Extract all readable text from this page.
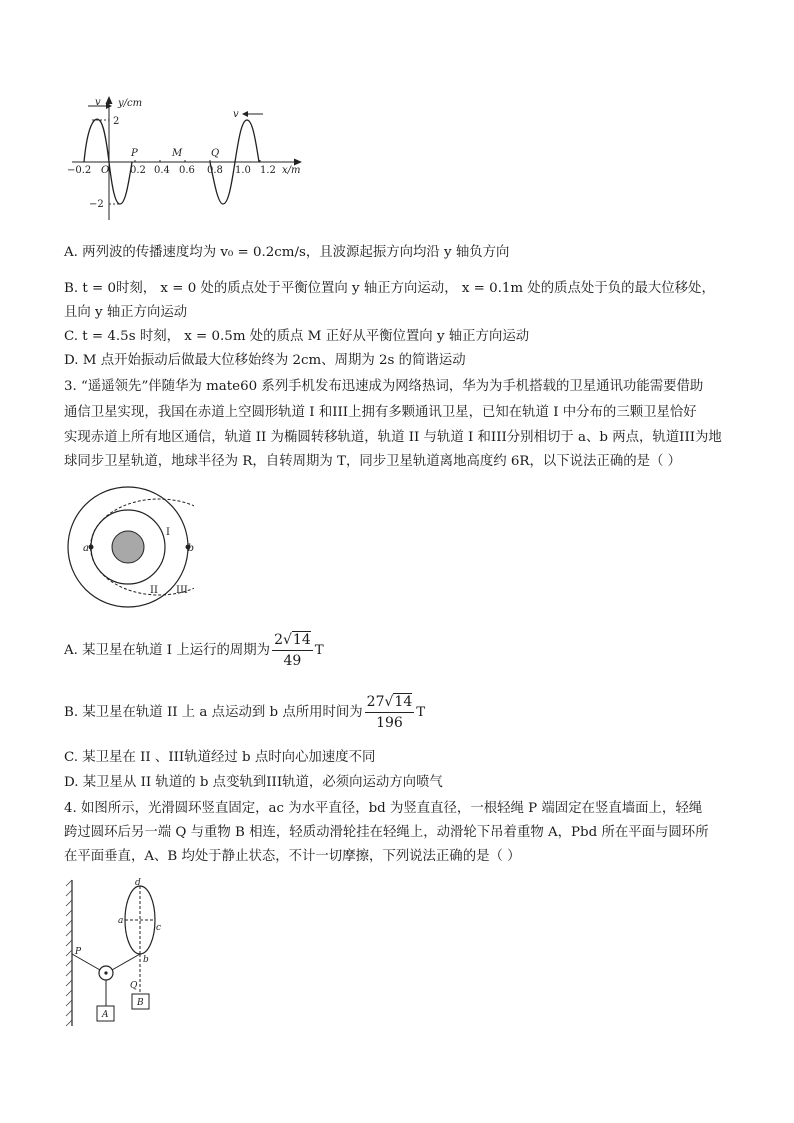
y/cm
2
−2
x/m
−0.2 O 0.2 0.4 0.6 0.8 1.0 1.2
P	M	Q
v
v
A. 两列波的传播速度均为 v₀ = 0.2cm/s，且波源起振方向均沿 y 轴负方向
B. t = 0时刻， x = 0 处的质点处于平衡位置向 y 轴正方向运动， x = 0.1m 处的质点处于负的最大位移处，
且向 y 轴正方向运动
C. t = 4.5s 时刻， x = 0.5m 处的质点 M 正好从平衡位置向 y 轴正方向运动
D. M 点开始振动后做最大位移始终为 2cm、周期为 2s 的简谐运动
3. “遥遥领先”伴随华为 mate60 系列手机发布迅速成为网络热词，华为为手机搭载的卫星通讯功能需要借助
通信卫星实现，我国在赤道上空圆形轨道 I 和III上拥有多颗通讯卫星，已知在轨道 I 中分布的三颗卫星恰好
实现赤道上所有地区通信，轨道 II 为椭圆转移轨道，轨道 II 与轨道 I 和III分别相切于 a、b 两点，轨道III为地
球同步卫星轨道，地球半径为 R，自转周期为 T，同步卫星轨道离地高度约 6R，以下说法正确的是（ ）
a	b
I
II III
A. 某卫星在轨道 I 上运行的周期为 $\frac{2√14}{49}$ T
B. 某卫星在轨道 II 上 a 点运动到 b 点所用时间为 $\frac{27√14}{196}$ T
C. 某卫星在 II 、III轨道经过 b 点时向心加速度不同
D. 某卫星从 II 轨道的 b 点变轨到III轨道，必须向运动方向喷气
4. 如图所示，光滑圆环竖直固定，ac 为水平直径，bd 为竖直直径，一根轻绳 P 端固定在竖直墙面上，轻绳
跨过圆环后另一端 Q 与重物 B 相连，轻质动滑轮挂在轻绳上，动滑轮下吊着重物 A，Pbd 所在平面与圆环所
在平面垂直，A、B 均处于静止状态，不计一切摩擦，下列说法正确的是（ ）
d
a
c
b
P
Q
A
B
